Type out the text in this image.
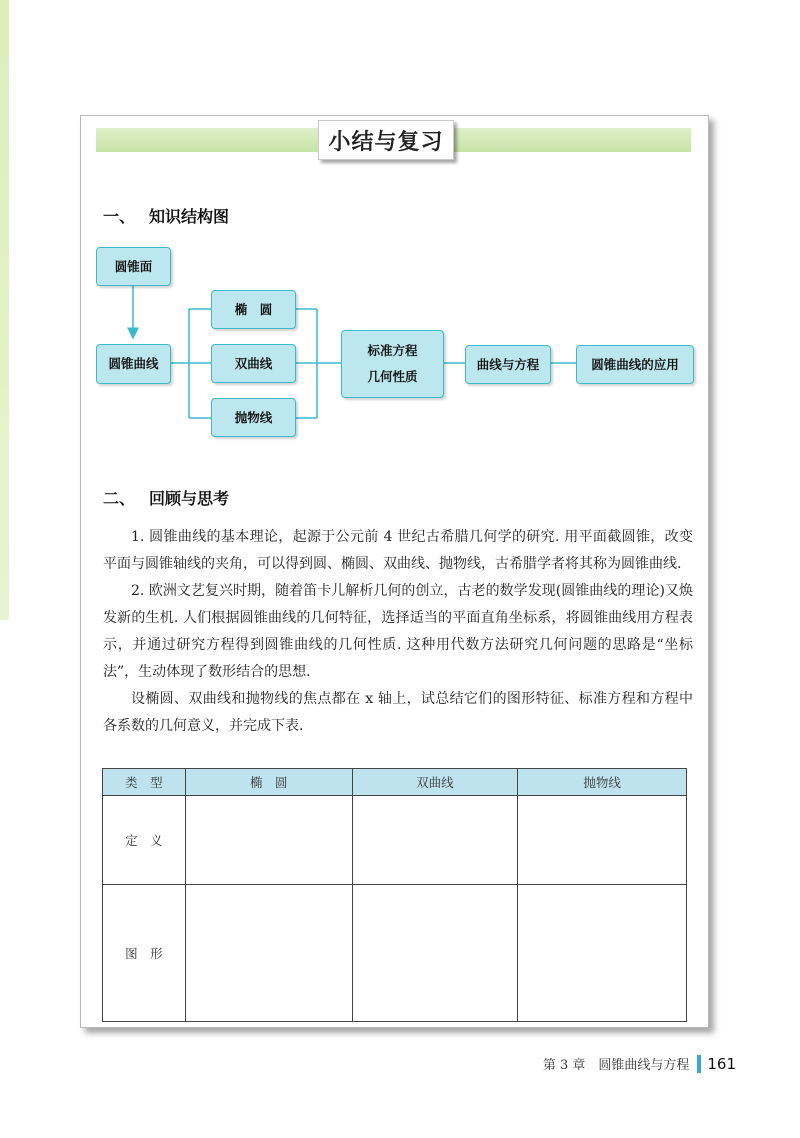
小结与复习
一、 知识结构图
圆锥面
圆锥曲线
椭　圆
双曲线
抛物线
标准方程
几何性质
曲线与方程	圆锥曲线的应用
二、 回顾与思考

1. 圆锥曲线的基本理论，起源于公元前 4 世纪古希腊几何学的研究. 用平面截圆锥，改变平面与圆锥轴线的夹角，可以得到圆、椭圆、双曲线、抛物线，古希腊学者将其称为圆锥曲线.

2. 欧洲文艺复兴时期，随着笛卡儿解析几何的创立，古老的数学发现(圆锥曲线的理论)又焕发新的生机. 人们根据圆锥曲线的几何特征，选择适当的平面直角坐标系，将圆锥曲线用方程表示，并通过研究方程得到圆锥曲线的几何性质. 这种用代数方法研究几何问题的思路是“坐标法”，生动体现了数形结合的思想.

设椭圆、双曲线和抛物线的焦点都在 x 轴上，试总结它们的图形特征、标准方程和方程中各系数的几何意义，并完成下表.

类　型	椭　圆	双曲线	抛物线
定　义			
图　形			
第 3 章　圆锥曲线与方程 161
